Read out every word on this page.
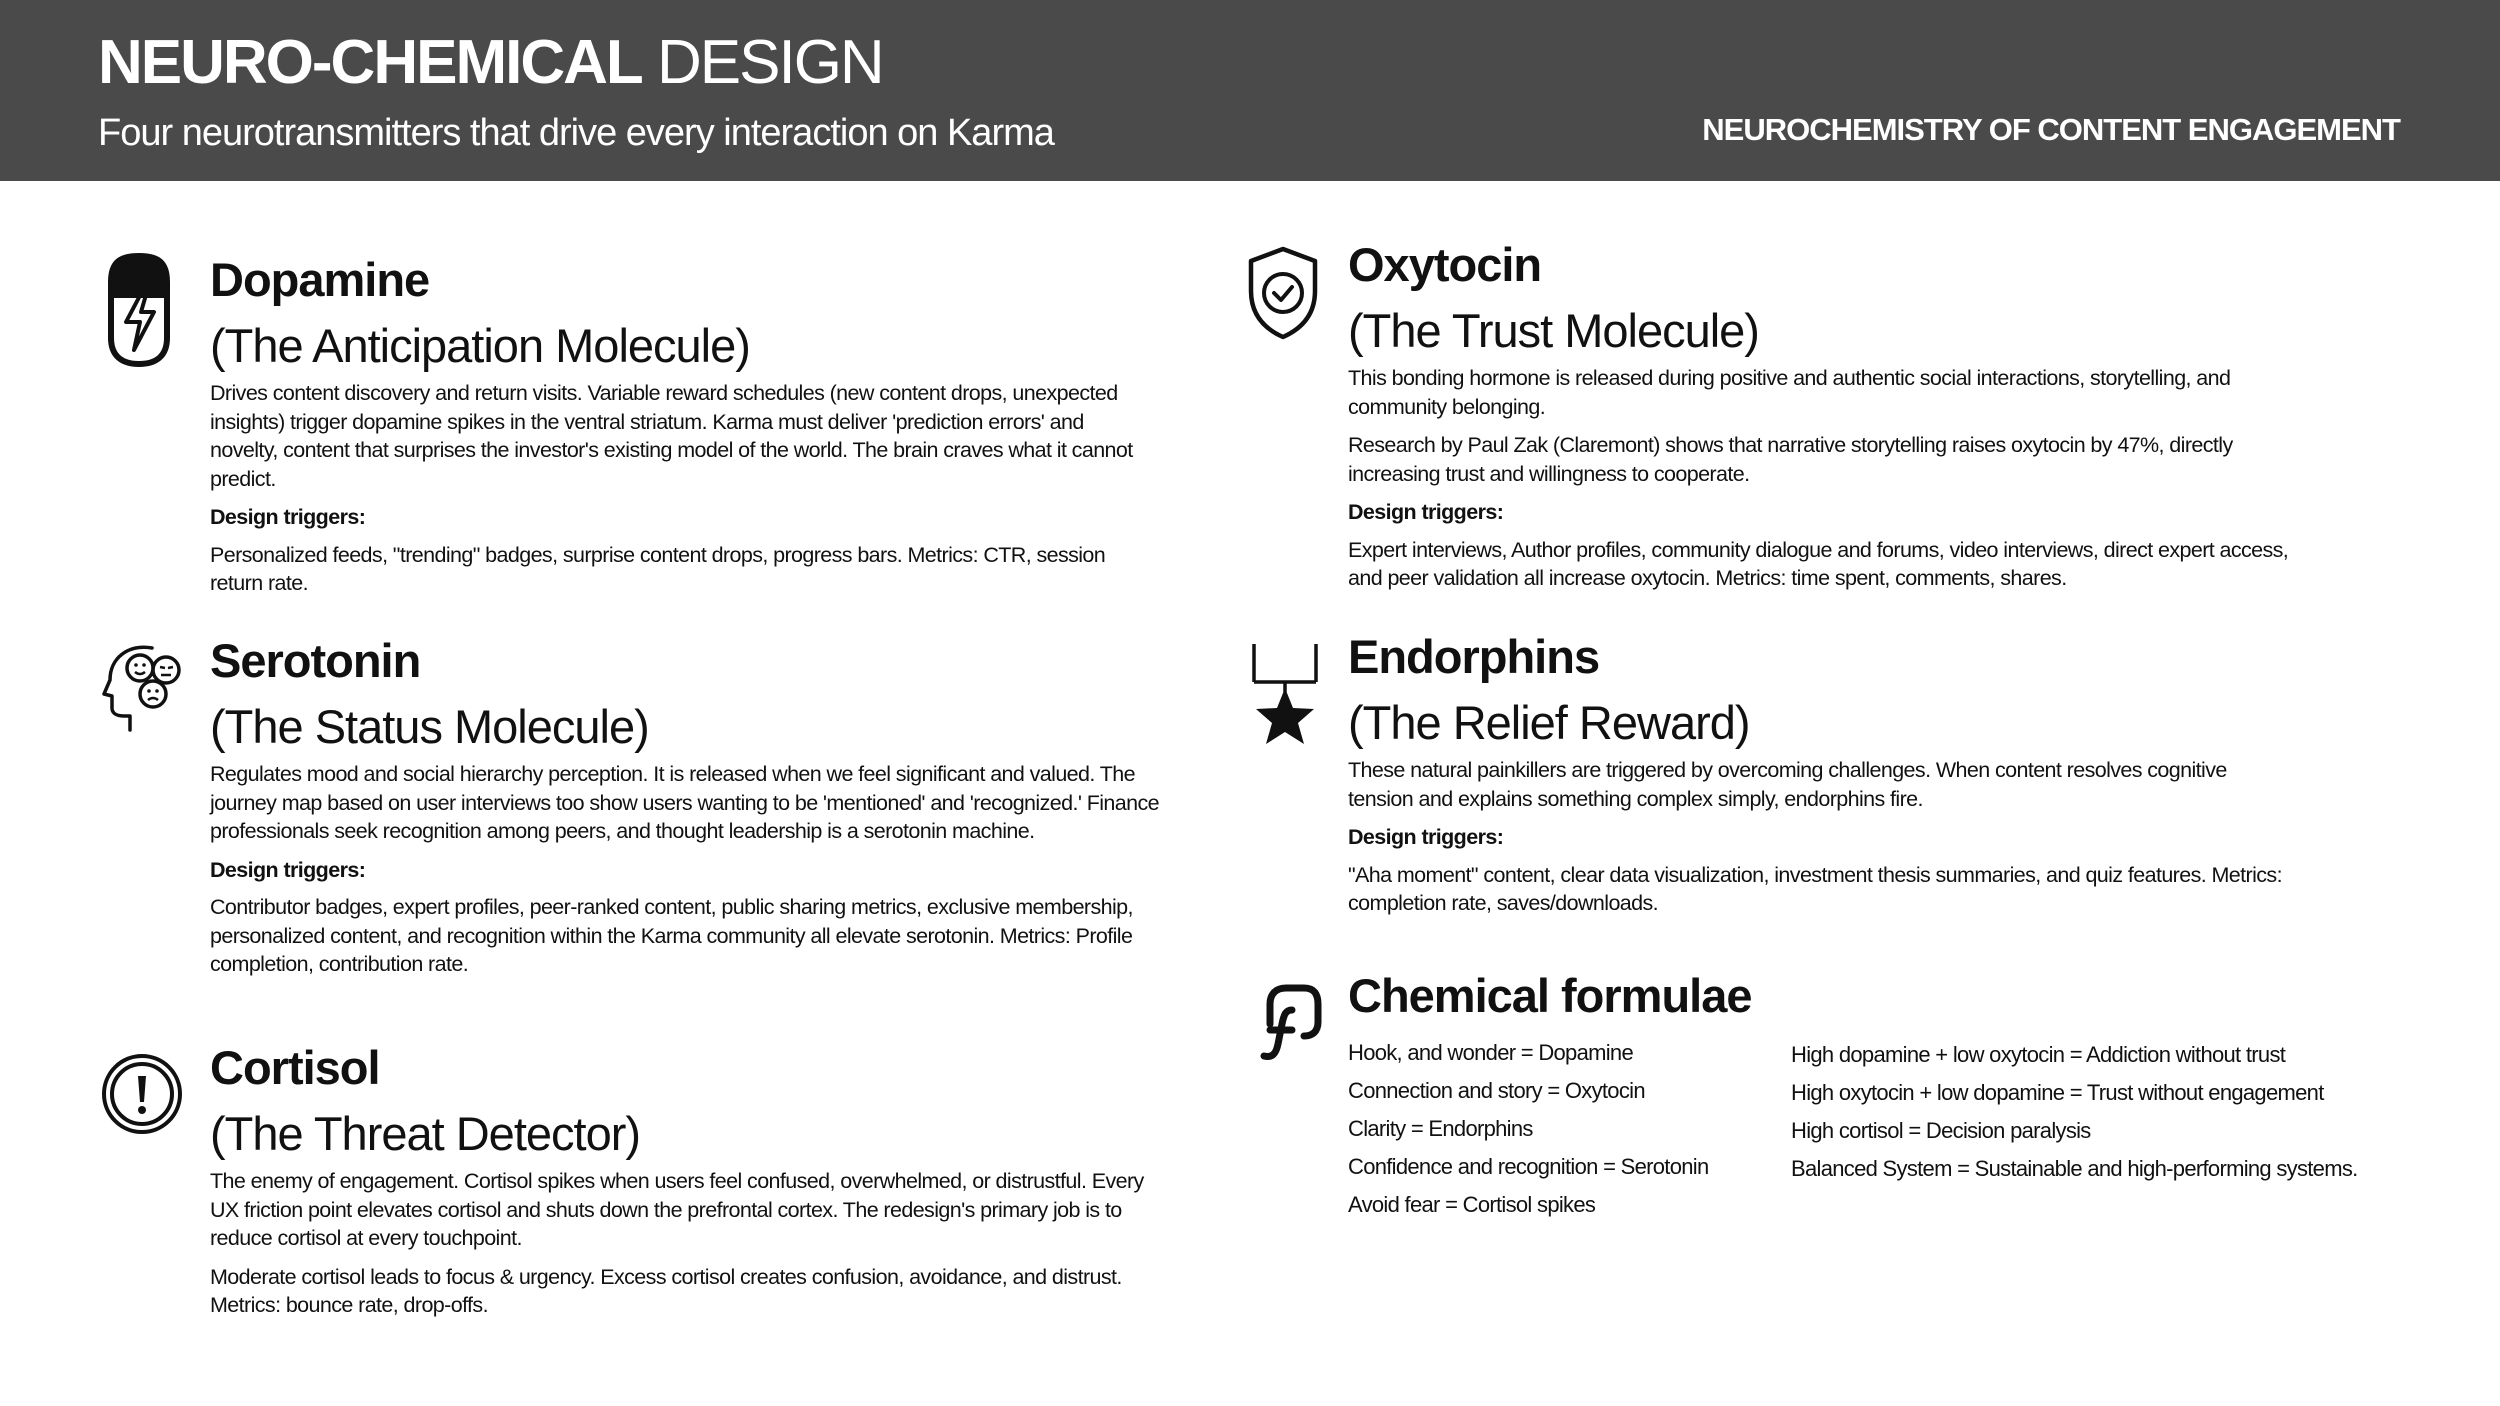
NEURO-CHEMICAL DESIGN
Four neurotransmitters that drive every interaction on Karma	NEUROCHEMISTRY OF CONTENT ENGAGEMENT
Dopamine
(The Anticipation Molecule)
Drives content discovery and return visits. Variable reward schedules (new content drops, unexpected insights) trigger dopamine spikes in the ventral striatum. Karma must deliver 'prediction errors' and novelty, content that surprises the investor's existing model of the world. The brain craves what it cannot predict.
Design triggers:
Personalized feeds, "trending" badges, surprise content drops, progress bars. Metrics: CTR, session return rate.
Serotonin
(The Status Molecule)
Regulates mood and social hierarchy perception. It is released when we feel significant and valued. The journey map based on user interviews too show users wanting to be 'mentioned' and 'recognized.' Finance professionals seek recognition among peers, and thought leadership is a serotonin machine.
Design triggers:
Contributor badges, expert profiles, peer-ranked content, public sharing metrics, exclusive membership, personalized content, and recognition within the Karma community all elevate serotonin. Metrics: Profile completion, contribution rate.
Cortisol
(The Threat Detector)
The enemy of engagement. Cortisol spikes when users feel confused, overwhelmed, or distrustful. Every UX friction point elevates cortisol and shuts down the prefrontal cortex. The redesign's primary job is to reduce cortisol at every touchpoint.
Moderate cortisol leads to focus & urgency. Excess cortisol creates confusion, avoidance, and distrust. Metrics: bounce rate, drop-offs.
Oxytocin
(The Trust Molecule)
This bonding hormone is released during positive and authentic social interactions, storytelling, and community belonging.
Research by Paul Zak (Claremont) shows that narrative storytelling raises oxytocin by 47%, directly increasing trust and willingness to cooperate.
Design triggers:
Expert interviews, Author profiles, community dialogue and forums, video interviews, direct expert access, and peer validation all increase oxytocin. Metrics: time spent, comments, shares.
Endorphins
(The Relief Reward)
These natural painkillers are triggered by overcoming challenges. When content resolves cognitive tension and explains something complex simply, endorphins fire.
Design triggers:
"Aha moment" content, clear data visualization, investment thesis summaries, and quiz features. Metrics: completion rate, saves/downloads.
Chemical formulae
Hook, and wonder = Dopamine
Connection and story = Oxytocin
Clarity = Endorphins
Confidence and recognition = Serotonin
Avoid fear = Cortisol spikes
High dopamine + low oxytocin = Addiction without trust
High oxytocin + low dopamine = Trust without engagement
High cortisol = Decision paralysis
Balanced System = Sustainable and high-performing systems.
